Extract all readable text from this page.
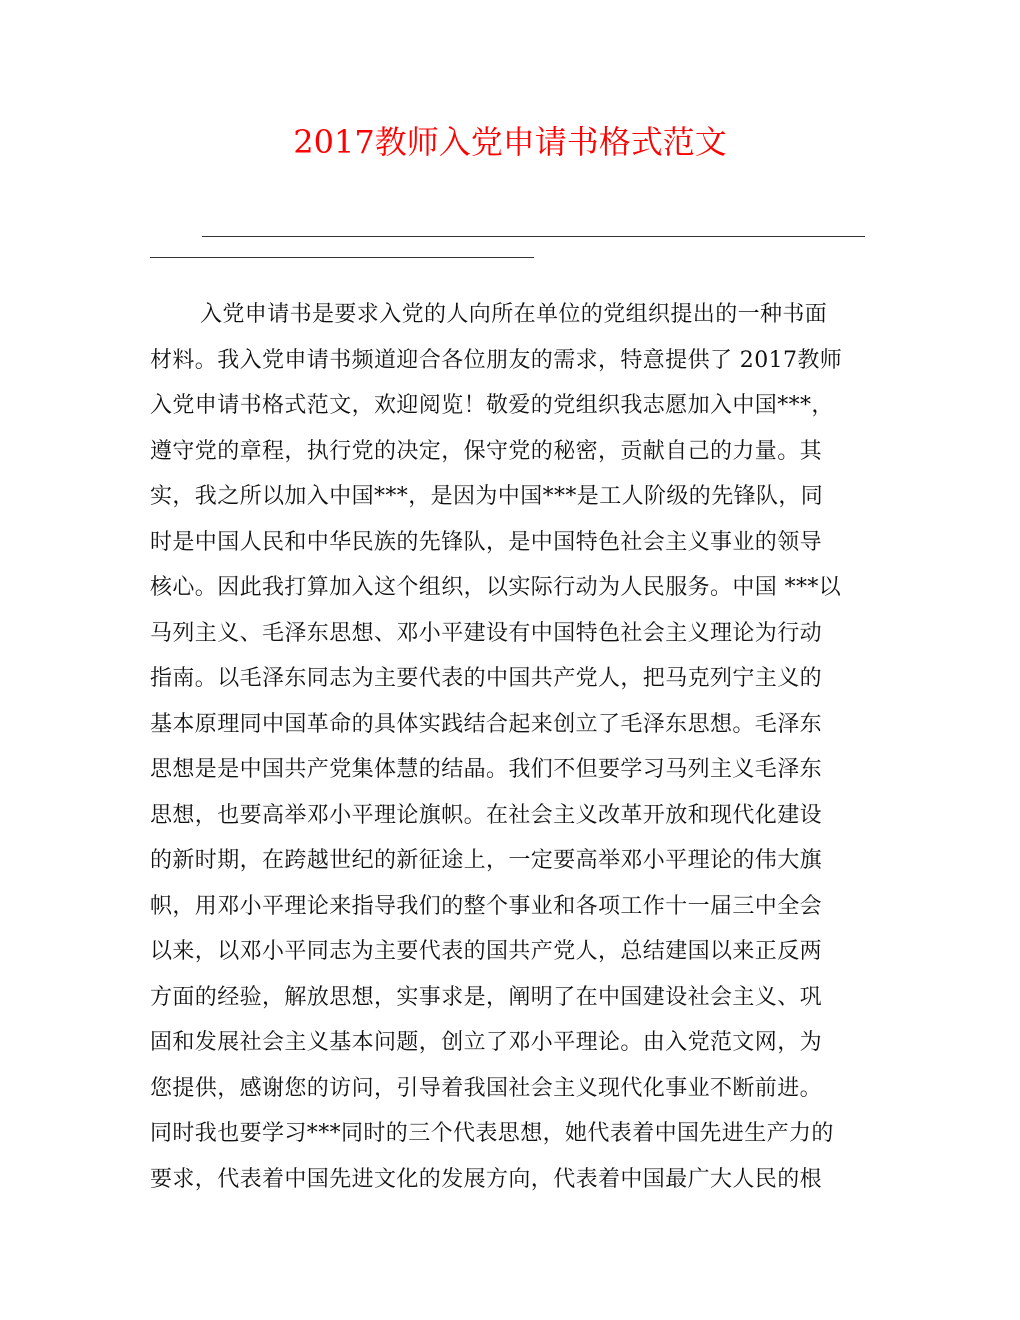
2017教师入党申请书格式范文
入党申请书是要求入党的人向所在单位的党组织提出的一种书面
材料。我入党申请书频道迎合各位朋友的需求，特意提供了 2017教师
入党申请书格式范文，欢迎阅览！敬爱的党组织我志愿加入中国***，
遵守党的章程，执行党的决定，保守党的秘密，贡献自己的力量。其
实，我之所以加入中国***，是因为中国***是工人阶级的先锋队，同
时是中国人民和中华民族的先锋队，是中国特色社会主义事业的领导
核心。因此我打算加入这个组织，以实际行动为人民服务。中国 ***以
马列主义、毛泽东思想、邓小平建设有中国特色社会主义理论为行动
指南。以毛泽东同志为主要代表的中国共产党人，把马克列宁主义的
基本原理同中国革命的具体实践结合起来创立了毛泽东思想。毛泽东
思想是是中国共产党集体慧的结晶。我们不但要学习马列主义毛泽东
思想，也要高举邓小平理论旗帜。在社会主义改革开放和现代化建设
的新时期，在跨越世纪的新征途上，一定要高举邓小平理论的伟大旗
帜，用邓小平理论来指导我们的整个事业和各项工作十一届三中全会
以来，以邓小平同志为主要代表的国共产党人，总结建国以来正反两
方面的经验，解放思想，实事求是，阐明了在中国建设社会主义、巩
固和发展社会主义基本问题，创立了邓小平理论。由入党范文网，为
您提供，感谢您的访问，引导着我国社会主义现代化事业不断前进。
同时我也要学习***同时的三个代表思想，她代表着中国先进生产力的
要求，代表着中国先进文化的发展方向，代表着中国最广大人民的根
